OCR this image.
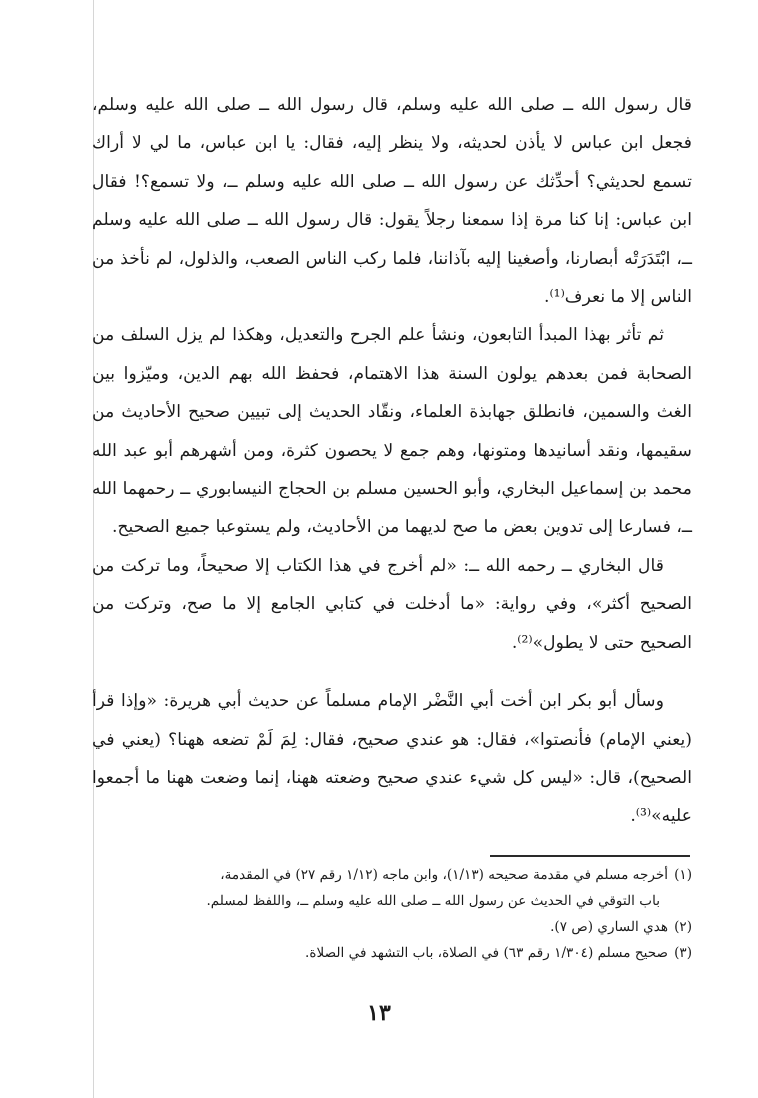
قال رسول الله ــ صلى الله عليه وسلم، قال رسول الله ــ صلى الله عليه وسلم، فجعل ابن عباس لا يأذن لحديثه، ولا ينظر إليه، فقال: يا ابن عباس، ما لي لا أراك تسمع لحديثي؟ أحدِّثك عن رسول الله ــ صلى الله عليه وسلم ــ، ولا تسمع؟! فقال ابن عباس: إنا كنا مرة إذا سمعنا رجلاً يقول: قال رسول الله ــ صلى الله عليه وسلم ــ، ابْتَدَرَتْه أبصارنا، وأصغينا إليه بآذاننا، فلما ركب الناس الصعب، والذلول، لم نأخذ من الناس إلا ما نعرف⁽¹⁾.

ثم تأثر بهذا المبدأ التابعون، ونشأ علم الجرح والتعديل، وهكذا لم يزل السلف من الصحابة فمن بعدهم يولون السنة هذا الاهتمام، فحفظ الله بهم الدين، وميّزوا بين الغث والسمين، فانطلق جهابذة العلماء، ونقّاد الحديث إلى تبيين صحيح الأحاديث من سقيمها، ونقد أسانيدها ومتونها، وهم جمع لا يحصون كثرة، ومن أشهرهم أبو عبد الله محمد بن إسماعيل البخاري، وأبو الحسين مسلم بن الحجاج النيسابوري ــ رحمهما الله ــ، فسارعا إلى تدوين بعض ما صح لديهما من الأحاديث، ولم يستوعبا جميع الصحيح.

قال البخاري ــ رحمه الله ــ: «لم أخرج في هذا الكتاب إلا صحيحاً، وما تركت من الصحيح أكثر»، وفي رواية: «ما أدخلت في كتابي الجامع إلا ما صح، وتركت من الصحيح حتى لا يطول»⁽²⁾.

وسأل أبو بكر ابن أخت أبي النَّضْر الإمام مسلماً عن حديث أبي هريرة: «وإذا قرأ (يعني الإمام) فأنصتوا»، فقال: هو عندي صحيح، فقال: لِمَ لَمْ تضعه ههنا؟ (يعني في الصحيح)، قال: «ليس كل شيء عندي صحيح وضعته ههنا، إنما وضعت ههنا ما أجمعوا عليه»⁽³⁾.

(١)أخرجه مسلم في مقدمة صحيحه (١/١٣)، وابن ماجه (١/١٢ رقم ٢٧) في المقدمة،

باب التوقي في الحديث عن رسول الله ــ صلى الله عليه وسلم ــ، واللفظ لمسلم.

(٢)هدي الساري (ص ٧).

(٣)صحيح مسلم (١/٣٠٤ رقم ٦٣) في الصلاة، باب التشهد في الصلاة.

١٣
